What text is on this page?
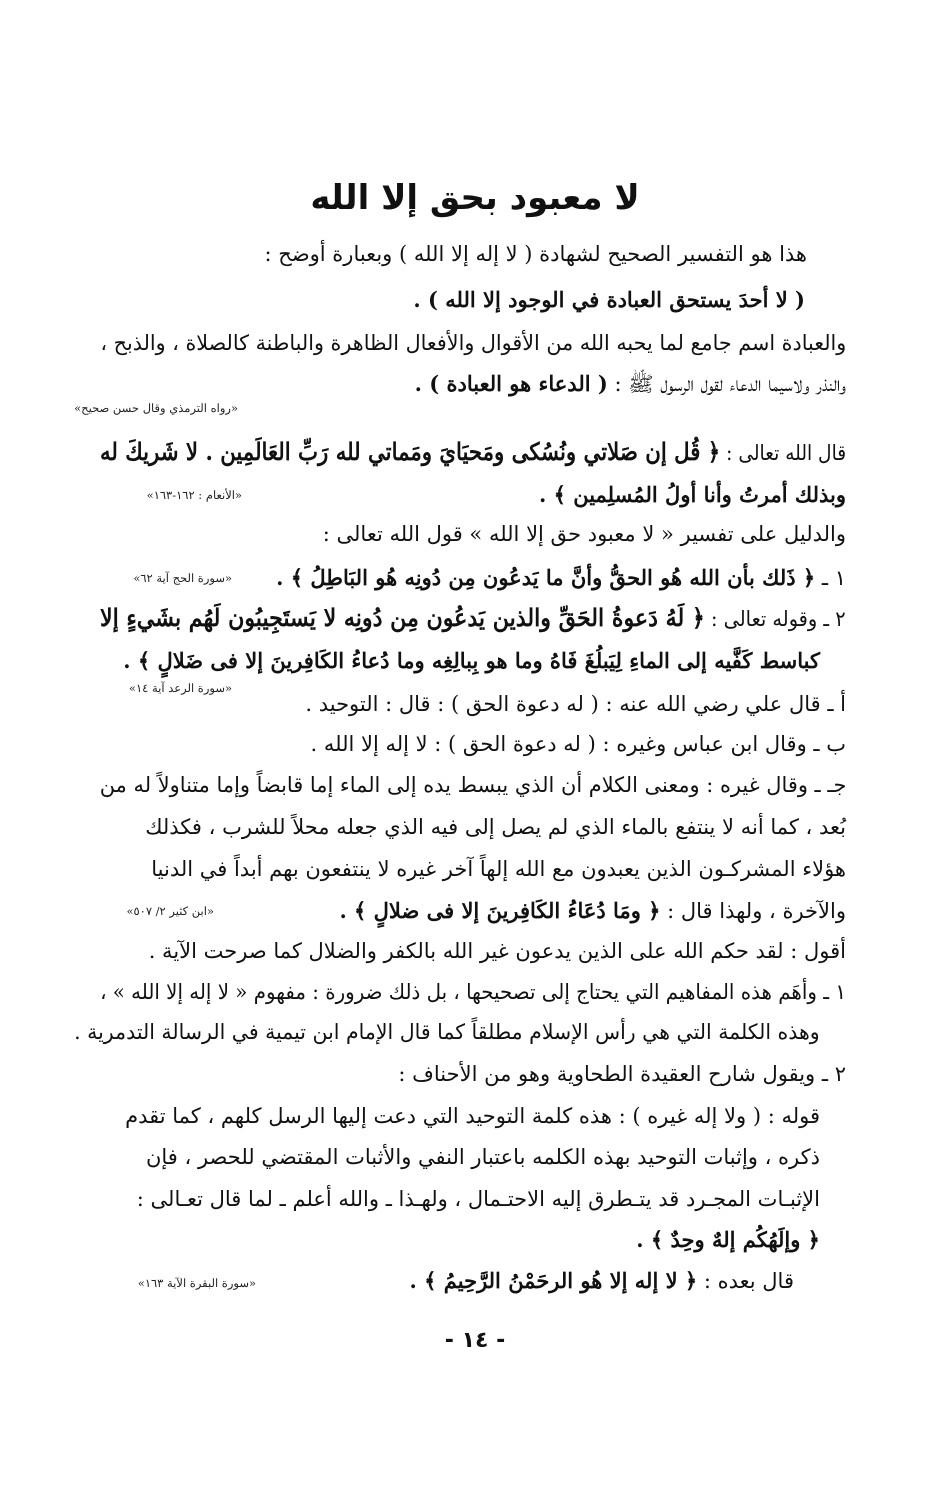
لا معبود بحق إلا الله
هذا هو التفسير الصحيح لشهادة ( لا إله إلا الله ) وبعبارة أوضح :
( لا أحدَ يستحق العبادة في الوجود إلا الله ) .
والعبادة اسم جامع لما يحبه الله من الأقوال والأفعال الظاهرة والباطنة كالصلاة ، والذبح ،
والنذر ولاسيما الدعاء لقول الرسول ﷺ : ( الدعاء هو العبادة ) .
«رواه الترمذي وقال حسن صحيح»
قال الله تعالى : ﴿ قُل إن صَلاتي ونُسُكى ومَحيَايَ ومَماتي لله رَبِّ العَالَمِين . لا شَريكَ له
وبذلك أمرتُ وأنا أولُ المُسلِمين ﴾ .
«الأنعام : ١٦٢-١٦٣»
والدليل على تفسير « لا معبود حق إلا الله » قول الله تعالى :
١ ـ ﴿ ذَلك بأن الله هُو الحقُّ وأنَّ ما يَدعُون مِن دُونِه هُو البَاطِلُ ﴾ .
«سورة الحج آية ٦٢»
٢ ـ وقوله تعالى : ﴿ لَهُ دَعوةُ الحَقِّ والذين يَدعُون مِن دُونِه لا يَستَجِيبُون لَهُم بشَيءٍ إلا
كباسط كَفَّيه إلى الماءِ لِيَبلُغَ فَاهُ وما هو بِبالِغِه وما دُعاءُ الكَافِرينَ إلا فى ضَلالٍ ﴾ .
«سورة الرعد آية ١٤»
أ ـ قال علي رضي الله عنه : ( له دعوة الحق ) : قال : التوحيد .
ب ـ وقال ابن عباس وغيره : ( له دعوة الحق ) : لا إله إلا الله .
جـ ـ وقال غيره : ومعنى الكلام أن الذي يبسط يده إلى الماء إما قابضاً وإما متناولاً له من
بُعد ، كما أنه لا ينتفع بالماء الذي لم يصل إلى فيه الذي جعله محلاً للشرب ، فكذلك
هؤلاء المشركـون الذين يعبدون مع الله إلهاً آخر غيره لا ينتفعون بهم أبداً في الدنيا
والآخرة ، ولهذا قال : ﴿ ومَا دُعَاءُ الكَافِرينَ إلا فى ضلالٍ ﴾ .
«ابن كثير ٢/ ٥٠٧»
أقول : لقد حكم الله على الذين يدعون غير الله بالكفر والضلال كما صرحت الآية .
١ ـ وأهَم هذه المفاهيم التي يحتاج إلى تصحيحها ، بل ذلك ضرورة : مفهوم « لا إله إلا الله » ،
وهذه الكلمة التي هي رأس الإسلام مطلقاً كما قال الإمام ابن تيمية في الرسالة التدمرية .
٢ ـ ويقول شارح العقيدة الطحاوية وهو من الأحناف :
قوله : ( ولا إله غيره ) : هذه كلمة التوحيد التي دعت إليها الرسل كلهم ، كما تقدم
ذكره ، وإثبات التوحيد بهذه الكلمه باعتبار النفي والأثبات المقتضي للحصر ، فإن
الإثبـات المجـرد قد يتـطرق إليه الاحتـمال ، ولهـذا ـ والله أعلم ـ لما قال تعـالى :
﴿ وإلَهُكُم إلهٌ وحِدٌ ﴾ .
قال بعده : ﴿ لا إله إلا هُو الرحَمْنُ الرَّحِيمُ ﴾ .
«سورة البقرة الآية ١٦٣»
- ١٤ -
